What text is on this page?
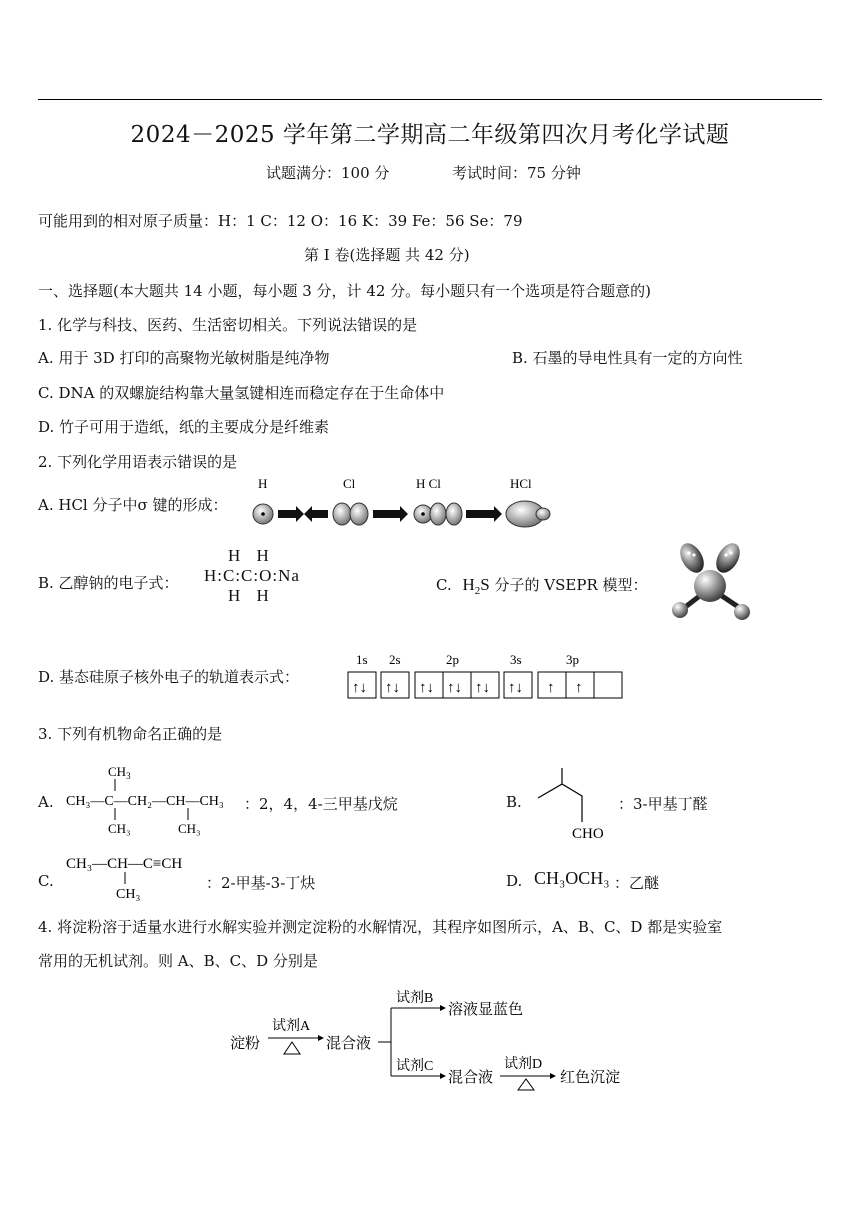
2024－2025 学年第二学期高二年级第四次月考化学试题
试题满分：100 分	考试时间：75 分钟
可能用到的相对原子质量：H：1 C：12 O：16 K：39 Fe：56 Se：79
第 Ⅰ 卷(选择题 共 42 分)
一、选择题(本大题共 14 小题，每小题 3 分，计 42 分。每小题只有一个选项是符合题意的)
1. 化学与科技、医药、生活密切相关。下列说法错误的是
A. 用于 3D 打印的高聚物光敏树脂是纯净物	B. 石墨的导电性具有一定的方向性
C. DNA 的双螺旋结构靠大量氢键相连而稳定存在于生命体中
D. 竹子可用于造纸，纸的主要成分是纤维素
2. 下列化学用语表示错误的是
A. HCl 分子中σ 键的形成：
H	Cl	H Cl	HCl
B. 乙醇钠的电子式：
H H
H:C:C:O:Na
H H
C. $H_2S$ 分子的 VSEPR 模型：
D. 基态硅原子核外电子的轨道表示式：
1s 2s	2p	3s	3p
↑↓ ↑↓ ↑↓ ↑↓ ↑↓ ↑↓ ↑ ↑
3. 下列有机物命名正确的是
A.
$CH_3$
CH₃—C—CH₂—CH—CH₃
CH₃	CH₃
：2，4，4-三甲基戊烷	B.
CHO
：3-甲基丁醛
C.
CH₃—CH—C≡CH
CH₃
：2-甲基-3-丁炔	D. CH₃OCH₃ ：乙醚
4. 将淀粉溶于适量水进行水解实验并测定淀粉的水解情况，其程序如图所示，A、B、C、D 都是实验室
常用的无机试剂。则 A、B、C、D 分别是
淀粉
试剂A
混合液
试剂B
溶液显蓝色
试剂C
混合液
试剂D
红色沉淀
